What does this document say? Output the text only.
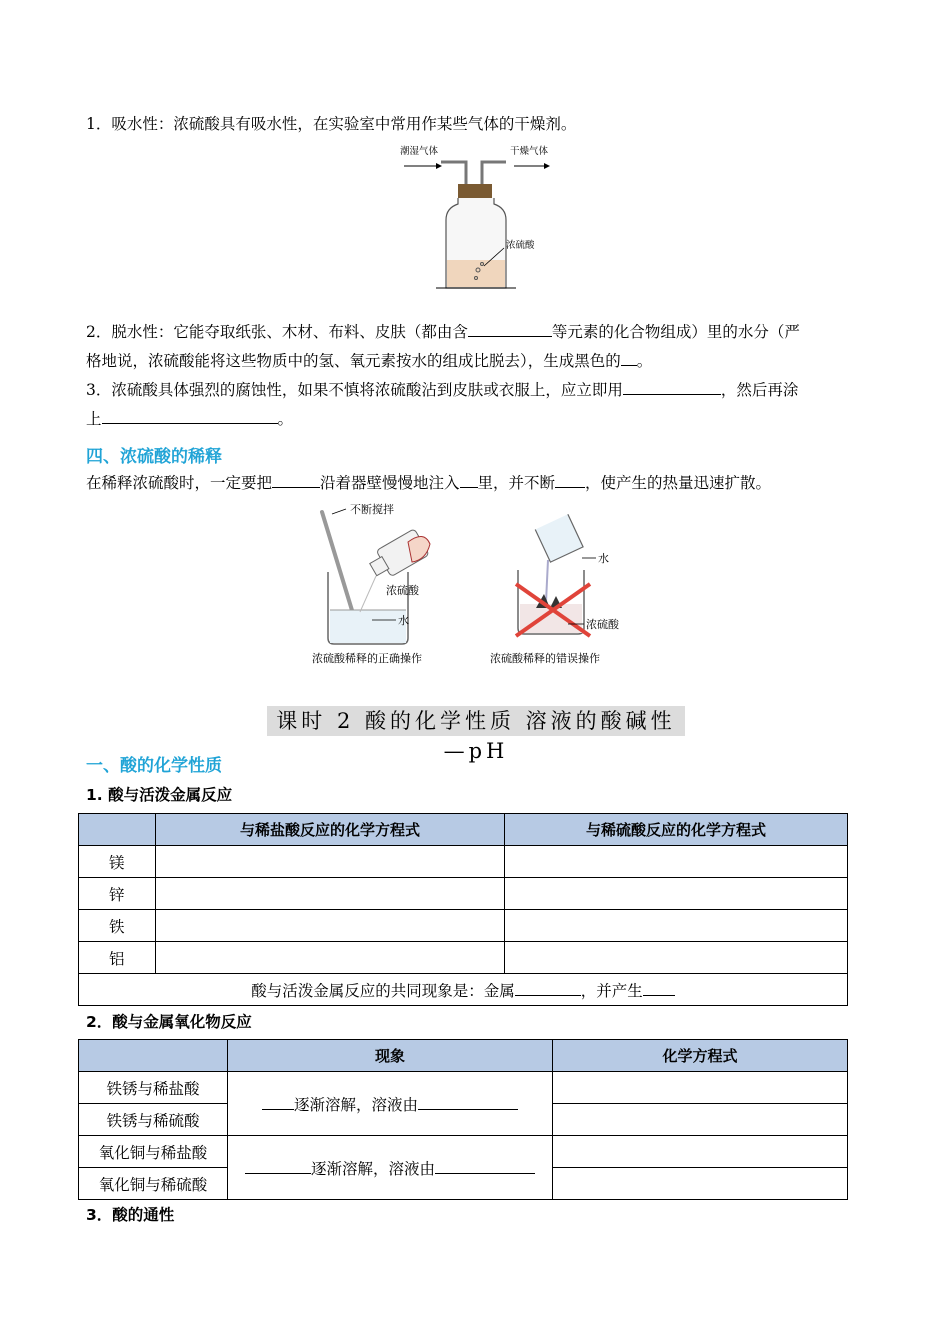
1．吸水性：浓硫酸具有吸水性，在实验室中常用作某些气体的干燥剂。
潮湿气体	干燥气体
浓硫酸
2．脱水性：它能夺取纸张、木材、布料、皮肤（都由含	等元素的化合物组成）里的水分（严
格地说，浓硫酸能将这些物质中的氢、氧元素按水的组成比脱去），生成黑色的 。
3．浓硫酸具体强烈的腐蚀性，如果不慎将浓硫酸沾到皮肤或衣服上，应立即用	，然后再涂
上	。
四、浓硫酸的稀释
在稀释浓硫酸时，一定要把	沿着器壁慢慢地注入 里，并不断 ，使产生的热量迅速扩散。
不断搅拌
浓硫酸
水
浓硫酸稀释的正确操作
水
浓硫酸
浓硫酸稀释的错误操作
课时 2 酸的化学性质 溶液的酸碱性—pH
一、酸的化学性质
1. 酸与活泼金属反应
	与稀盐酸反应的化学方程式	与稀硫酸反应的化学方程式
镁		
锌		
铁		
铝		
酸与活泼金属反应的共同现象是：金属 ，并产生		
2．酸与金属氧化物反应
	现象	化学方程式
铁锈与稀盐酸	逐渐溶解，溶液由	
铁锈与稀硫酸		
氧化铜与稀盐酸	逐渐溶解，溶液由	
氧化铜与稀硫酸		
3．酸的通性
